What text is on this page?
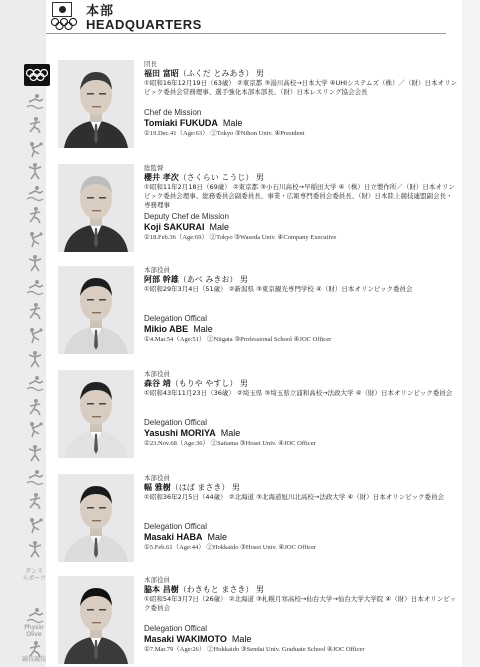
ダンス
スポーツ
Physio
Olive
競技競技
本部
HEADQUARTERS
団長
福田 富昭（ふくだ とみあき） 男
①昭和16年12月19日（63歳） ②東京都 ③湯川高校→日本大学 ④UHIシステムズ（株）／（財）日本オリンピック委員会常務理事、選手強化本部本部長、（財）日本レスリング協会会長
Chef de Mission
Tomiaki FUKUDA Male
①19.Dec.41（Age:63） ②Tokyo ③Nihon Univ. ④President
総監督
櫻井 孝次（さくらい こうじ） 男
①昭和11年2月18日（69歳） ②東京都 ③小石川高校→早稲田大学 ④（株）日立製作所／（財）日本オリンピック委員会理事、総務委員会副委員長、事業・広報専門委員会委員長、（財）日本陸上競技連盟副会長・専務理事
Deputy Chef de Mission
Koji SAKURAI Male
①18.Feb.36（Age:69） ②Tokyo ③Waseda Univ. ④Company Executive
本部役員
阿部 幹雄（あべ みきお） 男
①昭和29年3月4日（51歳） ②新潟県 ③東京観光専門学校 ④（財）日本オリンピック委員会
Delegation Offical
Mikio ABE Male
①4.Mar.54（Age:51） ②Niigata ③Professional School ④JOC Officer
本部役員
森谷 靖（もりや やすし） 男
①昭和43年11月23日（36歳） ②埼玉県 ③埼玉県立浦和高校→法政大学 ④（財）日本オリンピック委員会
Delegation Offical
Yasushi MORIYA Male
①23.Nov.68（Age:36） ②Saitama ③Hosei Univ. ④JOC Officer
本部役員
幅 雅樹（はば まさき） 男
①昭和36年2月5日（44歳） ②北海道 ③北海道旭川北高校→法政大学 ④（財）日本オリンピック委員会
Delegation Offical
Masaki HABA Male
①5.Feb.61（Age:44） ②Hokkaido ③Hosei Univ. ④JOC Officer
本部役員
脇本 昌樹（わきもと まさき） 男
①昭和54年3月7日（26歳） ②北海道 ③札幌月寒高校→仙台大学→仙台大学大学院 ④（財）日本オリンピック委員会
Delegation Offical
Masaki WAKIMOTO Male
①7.Mar.79（Age:26） ②Hokkaido ③Sendai Univ. Graduate School ④JOC Officer
